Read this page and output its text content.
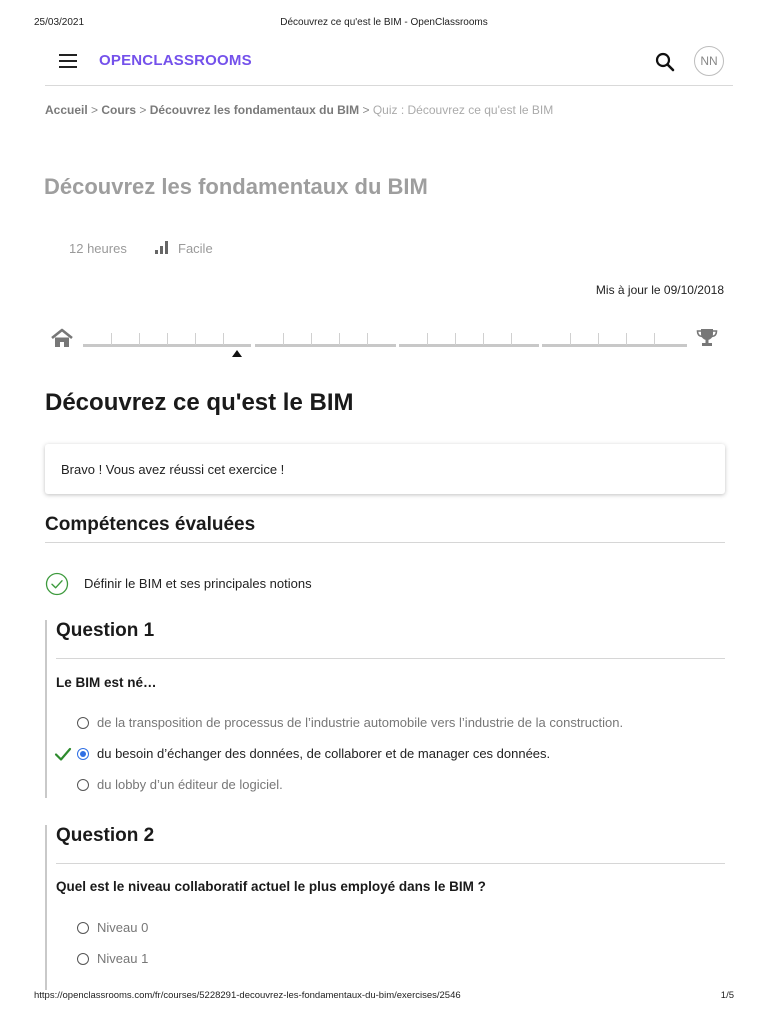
25/03/2021	Découvrez ce qu'est le BIM - OpenClassrooms
OPENCLASSROOMS	NN
Accueil > Cours > Découvrez les fondamentaux du BIM > Quiz : Découvrez ce qu'est le BIM
Découvrez les fondamentaux du BIM
12 heures	Facile
Mis à jour le 09/10/2018
Découvrez ce qu'est le BIM
Bravo ! Vous avez réussi cet exercice !
Compétences évaluées
Définir le BIM et ses principales notions
Question 1
Le BIM est né…
de la transposition de processus de l’industrie automobile vers l’industrie de la construction.
du besoin d’échanger des données, de collaborer et de manager ces données.
du lobby d’un éditeur de logiciel.
Question 2
Quel est le niveau collaboratif actuel le plus employé dans le BIM ?
Niveau 0
Niveau 1
https://openclassrooms.com/fr/courses/5228291-decouvrez-les-fondamentaux-du-bim/exercises/2546	1/5
